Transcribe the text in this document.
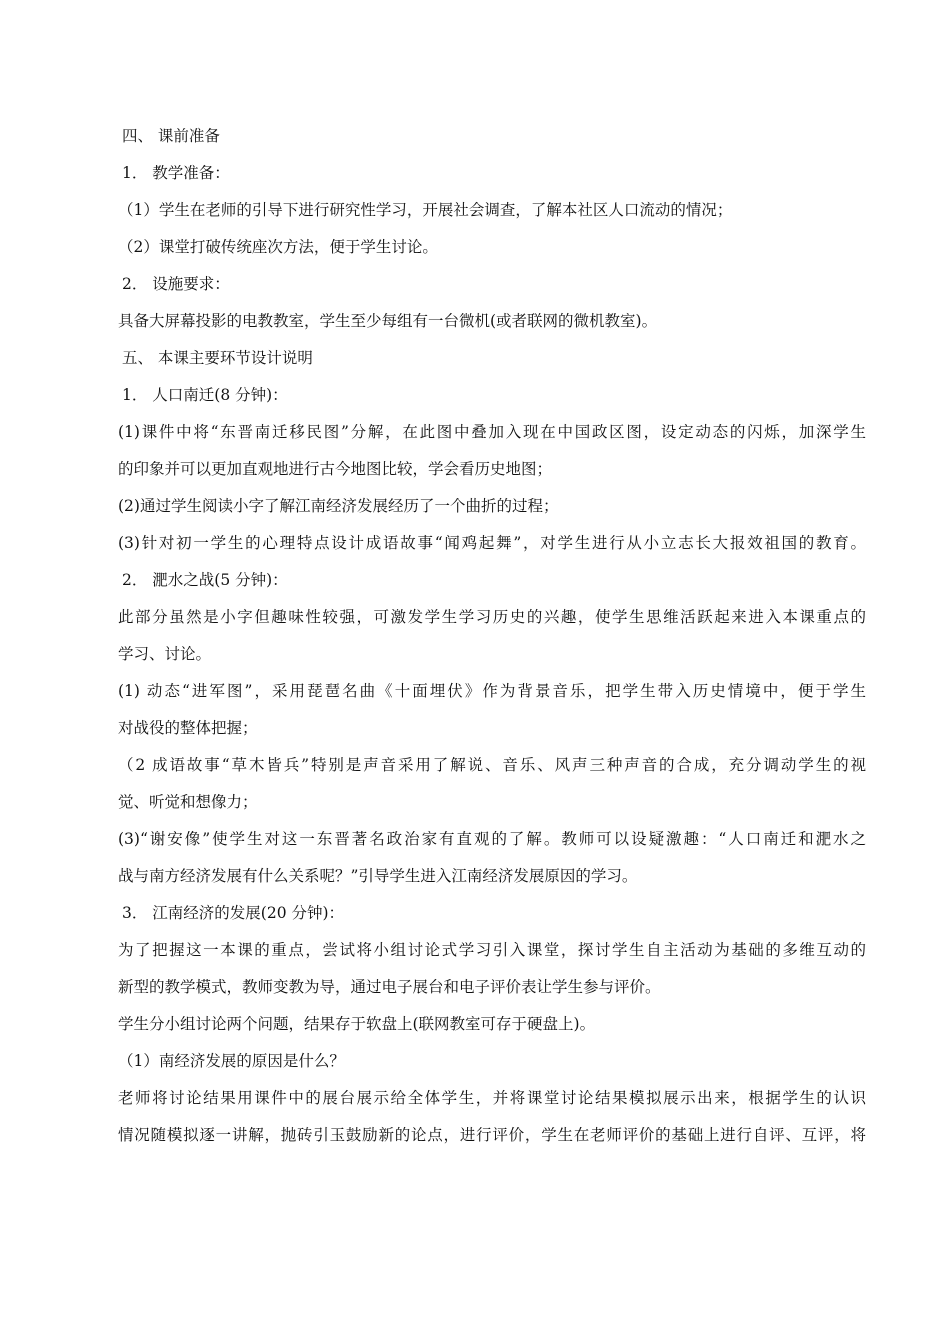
四、 课前准备
1． 教学准备：
（1）学生在老师的引导下进行研究性学习，开展社会调查，了解本社区人口流动的情况；
（2）课堂打破传统座次方法，便于学生讨论。
2． 设施要求：
具备大屏幕投影的电教教室，学生至少每组有一台微机(或者联网的微机教室)。
五、 本课主要环节设计说明
1． 人口南迁(8 分钟)：
(1)课件中将“东晋南迁移民图”分解，在此图中叠加入现在中国政区图，设定动态的闪烁，加深学生
的印象并可以更加直观地进行古今地图比较，学会看历史地图；
(2)通过学生阅读小字了解江南经济发展经历了一个曲折的过程；
(3)针对初一学生的心理特点设计成语故事“闻鸡起舞”，对学生进行从小立志长大报效祖国的教育。
2． 淝水之战(5 分钟)：
此部分虽然是小字但趣味性较强，可激发学生学习历史的兴趣，使学生思维活跃起来进入本课重点的
学习、讨论。
(1) 动态“进军图”，采用琵琶名曲《十面埋伏》作为背景音乐，把学生带入历史情境中，便于学生
对战役的整体把握；
（2 成语故事“草木皆兵”特别是声音采用了解说、音乐、风声三种声音的合成，充分调动学生的视
觉、听觉和想像力；
(3)“谢安像”使学生对这一东晋著名政治家有直观的了解。教师可以设疑激趣：“人口南迁和淝水之
战与南方经济发展有什么关系呢？”引导学生进入江南经济发展原因的学习。
3． 江南经济的发展(20 分钟)：
为了把握这一本课的重点，尝试将小组讨论式学习引入课堂，探讨学生自主活动为基础的多维互动的
新型的教学模式，教师变教为导，通过电子展台和电子评价表让学生参与评价。
学生分小组讨论两个问题，结果存于软盘上(联网教室可存于硬盘上)。
（1）南经济发展的原因是什么？
老师将讨论结果用课件中的展台展示给全体学生，并将课堂讨论结果模拟展示出来，根据学生的认识
情况随模拟逐一讲解，抛砖引玉鼓励新的论点，进行评价，学生在老师评价的基础上进行自评、互评，将
